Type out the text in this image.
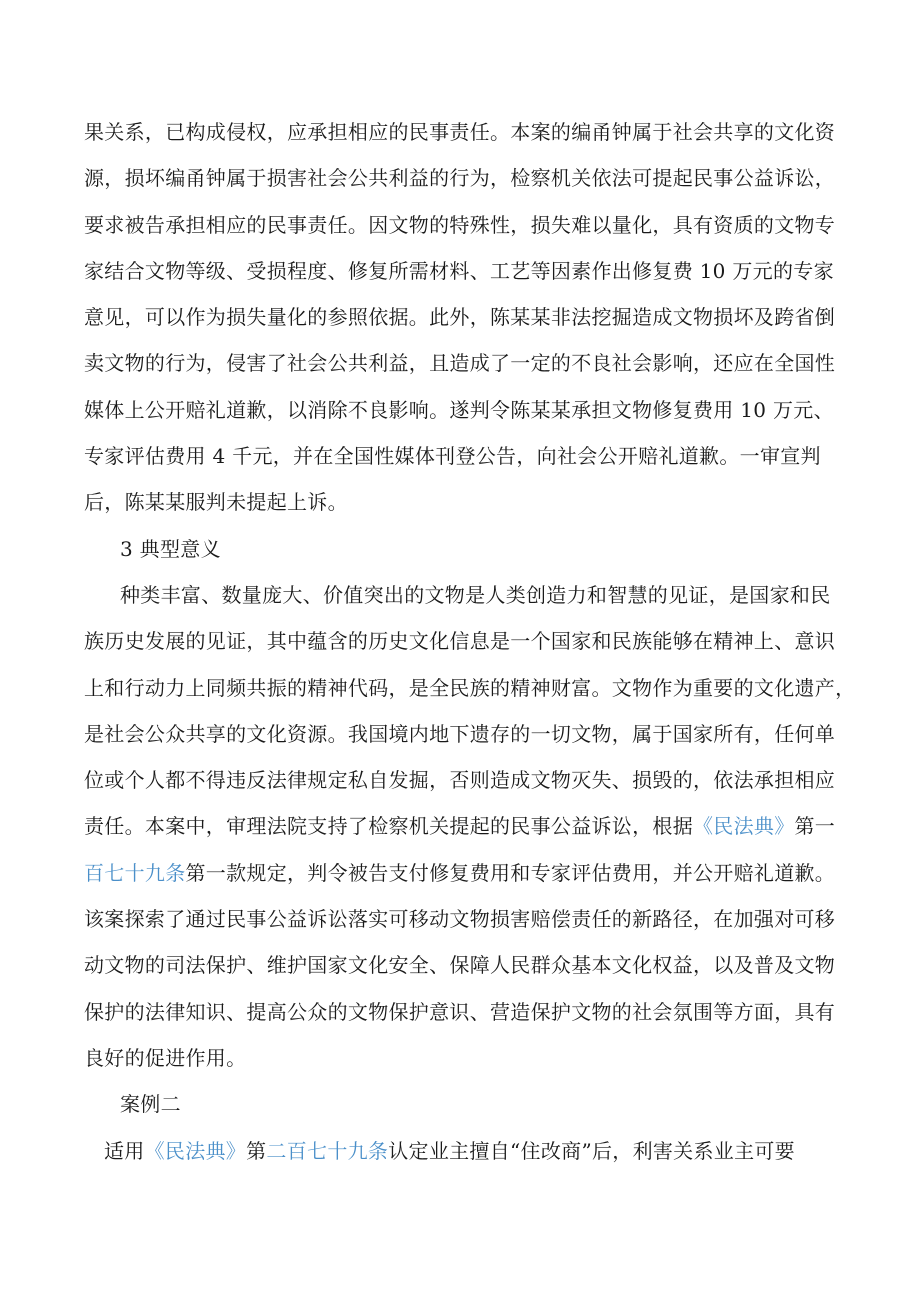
果关系，已构成侵权，应承担相应的民事责任。本案的编甬钟属于社会共享的文化资
源，损坏编甬钟属于损害社会公共利益的行为，检察机关依法可提起民事公益诉讼，
要求被告承担相应的民事责任。因文物的特殊性，损失难以量化，具有资质的文物专
家结合文物等级、受损程度、修复所需材料、工艺等因素作出修复费 10 万元的专家
意见，可以作为损失量化的参照依据。此外，陈某某非法挖掘造成文物损坏及跨省倒
卖文物的行为，侵害了社会公共利益，且造成了一定的不良社会影响，还应在全国性
媒体上公开赔礼道歉，以消除不良影响。遂判令陈某某承担文物修复费用 10 万元、
专家评估费用 4 千元，并在全国性媒体刊登公告，向社会公开赔礼道歉。一审宣判
后，陈某某服判未提起上诉。
3 典型意义
种类丰富、数量庞大、价值突出的文物是人类创造力和智慧的见证，是国家和民
族历史发展的见证，其中蕴含的历史文化信息是一个国家和民族能够在精神上、意识
上和行动力上同频共振的精神代码，是全民族的精神财富。文物作为重要的文化遗产，
是社会公众共享的文化资源。我国境内地下遗存的一切文物，属于国家所有，任何单
位或个人都不得违反法律规定私自发掘，否则造成文物灭失、损毁的，依法承担相应
责任。本案中，审理法院支持了检察机关提起的民事公益诉讼，根据《民法典》第一
百七十九条第一款规定，判令被告支付修复费用和专家评估费用，并公开赔礼道歉。
该案探索了通过民事公益诉讼落实可移动文物损害赔偿责任的新路径，在加强对可移
动文物的司法保护、维护国家文化安全、保障人民群众基本文化权益，以及普及文物
保护的法律知识、提高公众的文物保护意识、营造保护文物的社会氛围等方面，具有
良好的促进作用。
案例二
适用《民法典》第二百七十九条认定业主擅自“住改商”后，利害关系业主可要
